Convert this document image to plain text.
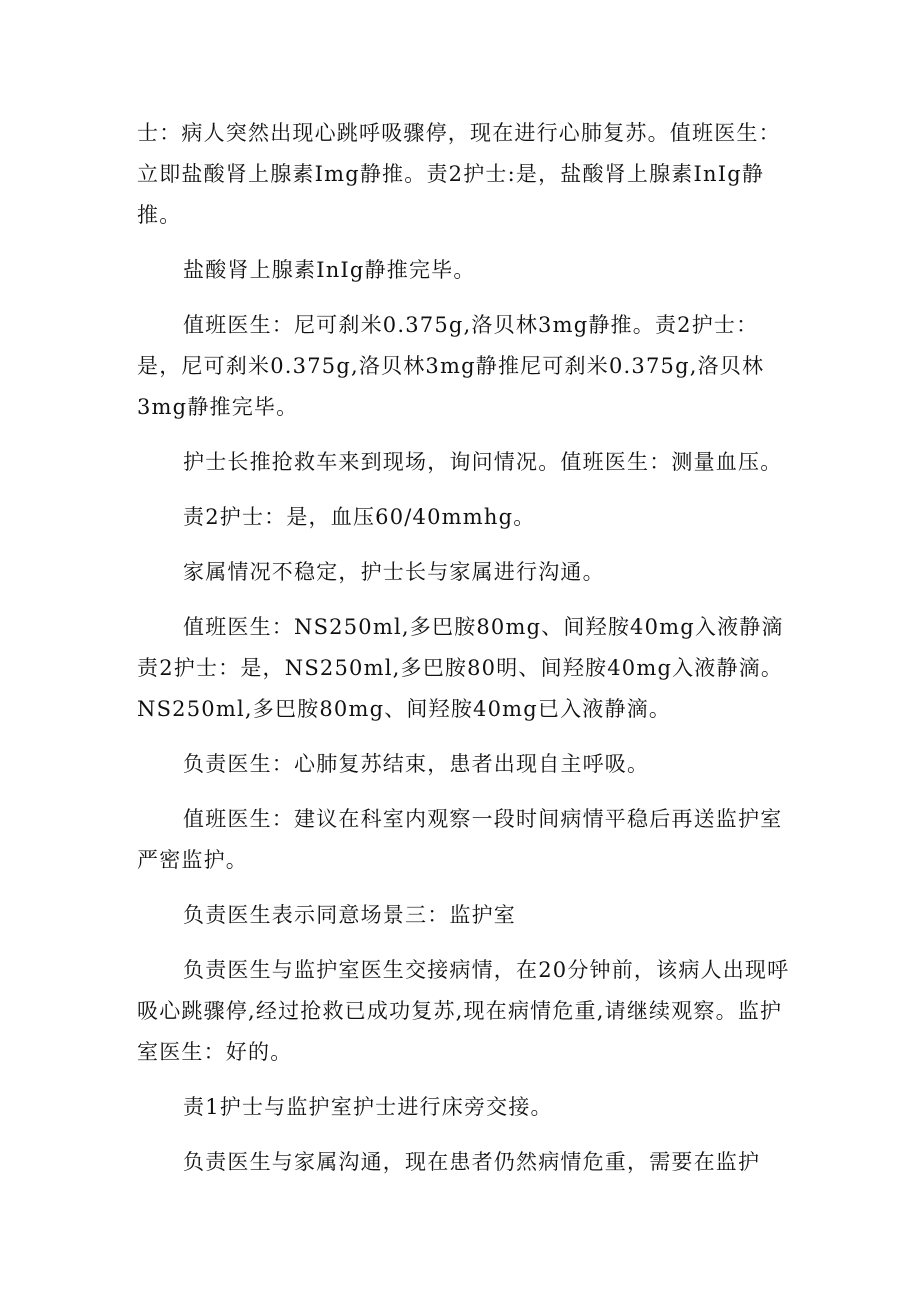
士：病人突然出现心跳呼吸骤停，现在进行心肺复苏。值班医生：立即盐酸肾上腺素Img静推。责2护士:是，盐酸肾上腺素InIg静推。

盐酸肾上腺素InIg静推完毕。

值班医生：尼可刹米0.375g,洛贝林3mg静推。责2护士：是，尼可刹米0.375g,洛贝林3mg静推尼可刹米0.375g,洛贝林3mg静推完毕。

护士长推抢救车来到现场，询问情况。值班医生：测量血压。

责2护士：是，血压60/40mmhg。

家属情况不稳定，护士长与家属进行沟通。

值班医生：NS250ml,多巴胺80mg、间羟胺40mg入液静滴责2护士：是，NS250ml,多巴胺80明、间羟胺40mg入液静滴。NS250ml,多巴胺80mg、间羟胺40mg已入液静滴。

负责医生：心肺复苏结束，患者出现自主呼吸。

值班医生：建议在科室内观察一段时间病情平稳后再送监护室严密监护。

负责医生表示同意场景三：监护室

负责医生与监护室医生交接病情，在20分钟前，该病人出现呼吸心跳骤停,经过抢救已成功复苏,现在病情危重,请继续观察。监护室医生：好的。

责1护士与监护室护士进行床旁交接。

负责医生与家属沟通，现在患者仍然病情危重，需要在监护
